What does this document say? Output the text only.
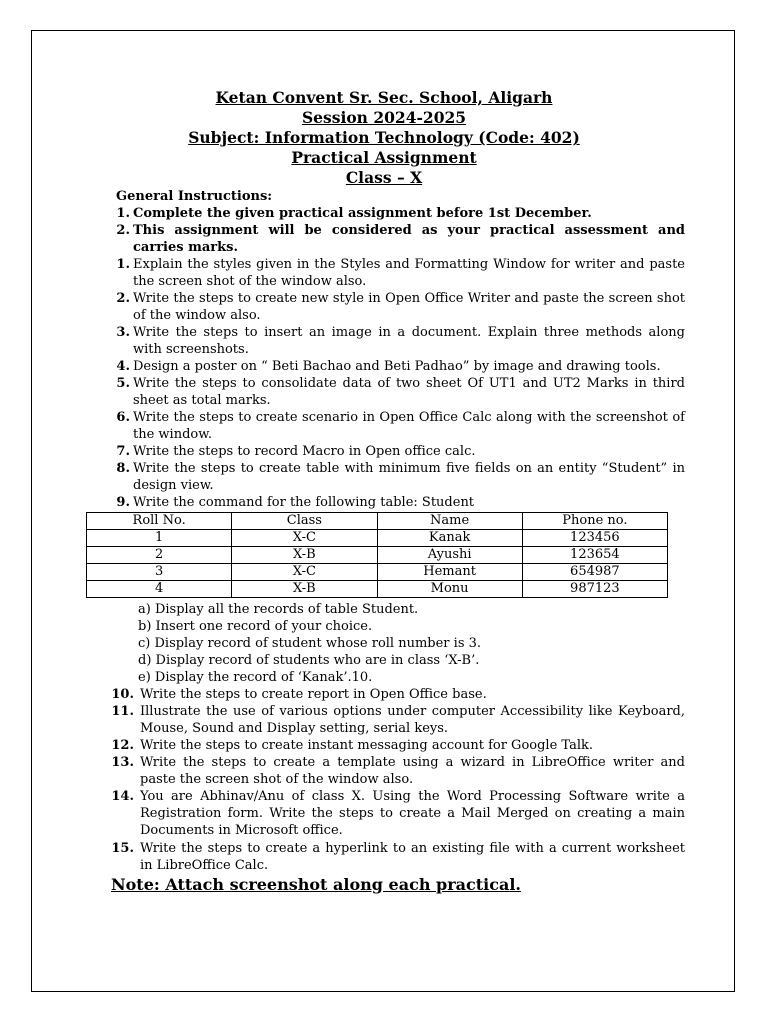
Ketan Convent Sr. Sec. School, Aligarh
Session 2024-2025
Subject: Information Technology (Code: 402)
Practical Assignment
Class – X
General Instructions:
1. Complete the given practical assignment before 1st December.
2. This assignment will be considered as your practical assessment and carries marks.
1. Explain the styles given in the Styles and Formatting Window for writer and paste the screen shot of the window also.
2. Write the steps to create new style in Open Office Writer and paste the screen shot of the window also.
3. Write the steps to insert an image in a document. Explain three methods along with screenshots.
4. Design a poster on “ Beti Bachao and Beti Padhao” by image and drawing tools.
5. Write the steps to consolidate data of two sheet Of UT1 and UT2 Marks in third sheet as total marks.
6. Write the steps to create scenario in Open Office Calc along with the screenshot of the window.
7. Write the steps to record Macro in Open office calc.
8. Write the steps to create table with minimum five fields on an entity “Student” in design view.
9. Write the command for the following table: Student
Roll No.	Class	Name	Phone no.
1	X-C	Kanak	123456
2	X-B	Ayushi	123654
3	X-C	Hemant	654987
4	X-B	Monu	987123
a) Display all the records of table Student.
b) Insert one record of your choice.
c) Display record of student whose roll number is 3.
d) Display record of students who are in class ‘X-B’.
e) Display the record of ‘Kanak’.10.
10. Write the steps to create report in Open Office base.
11. Illustrate the use of various options under computer Accessibility like Keyboard, Mouse, Sound and Display setting, serial keys.
12. Write the steps to create instant messaging account for Google Talk.
13. Write the steps to create a template using a wizard in LibreOffice writer and paste the screen shot of the window also.
14. You are Abhinav/Anu of class X. Using the Word Processing Software write a Registration form. Write the steps to create a Mail Merged on creating a main Documents in Microsoft office.
15. Write the steps to create a hyperlink to an existing file with a current worksheet in LibreOffice Calc.
Note: Attach screenshot along each practical.
